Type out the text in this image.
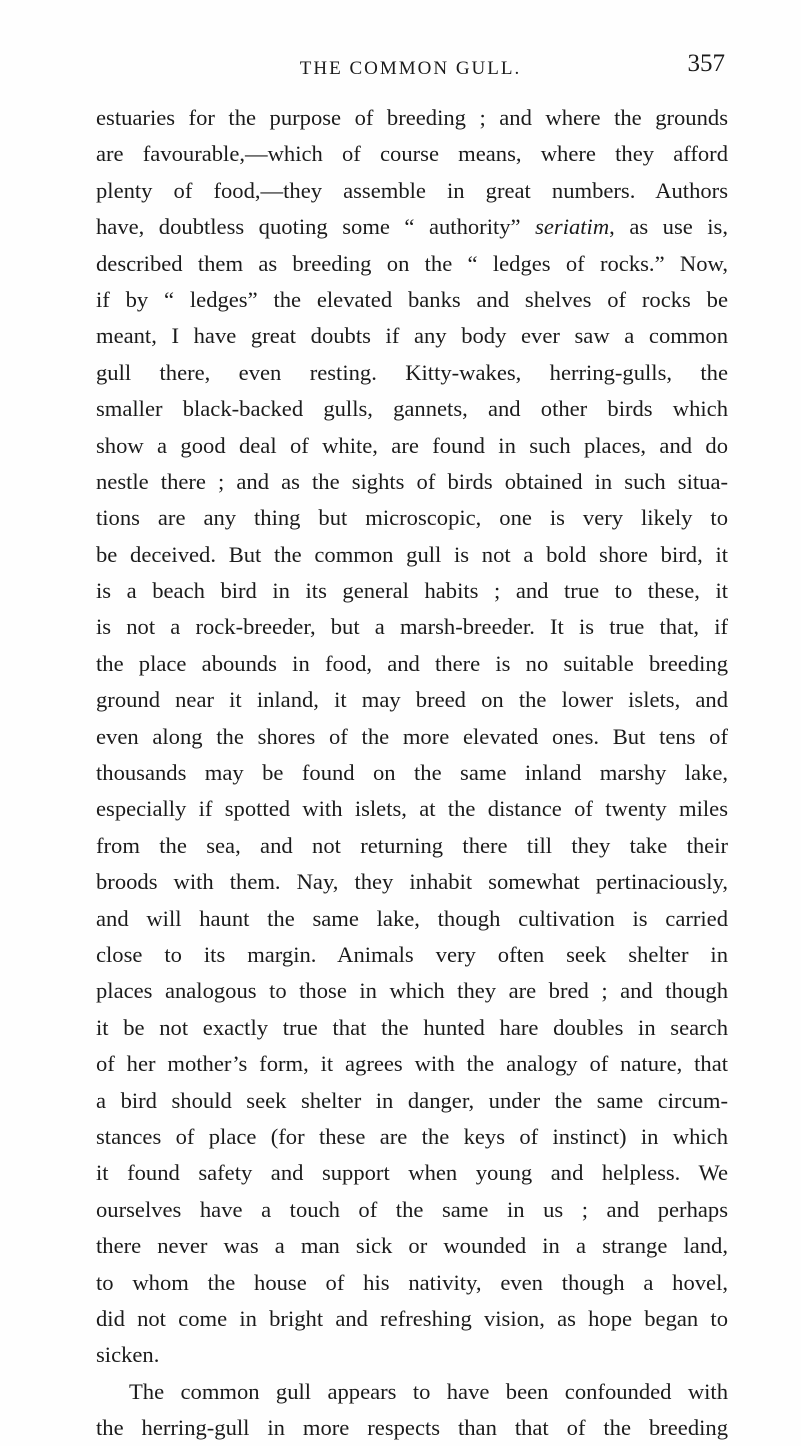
THE COMMON GULL.	357
estuaries for the purpose of breeding ; and where the grounds
are favourable,—which of course means, where they afford
plenty of food,—they assemble in great numbers. Authors
have, doubtless quoting some “ authority” seriatim, as use is,
described them as breeding on the “ ledges of rocks.” Now,
if by “ ledges” the elevated banks and shelves of rocks be
meant, I have great doubts if any body ever saw a common
gull there, even resting. Kitty-wakes, herring-gulls, the
smaller black-backed gulls, gannets, and other birds which
show a good deal of white, are found in such places, and do
nestle there ; and as the sights of birds obtained in such situa-
tions are any thing but microscopic, one is very likely to
be deceived. But the common gull is not a bold shore bird, it
is a beach bird in its general habits ; and true to these, it
is not a rock-breeder, but a marsh-breeder. It is true that, if
the place abounds in food, and there is no suitable breeding
ground near it inland, it may breed on the lower islets, and
even along the shores of the more elevated ones. But tens of
thousands may be found on the same inland marshy lake,
especially if spotted with islets, at the distance of twenty miles
from the sea, and not returning there till they take their
broods with them. Nay, they inhabit somewhat pertinaciously,
and will haunt the same lake, though cultivation is carried
close to its margin. Animals very often seek shelter in
places analogous to those in which they are bred ; and though
it be not exactly true that the hunted hare doubles in search
of her mother’s form, it agrees with the analogy of nature, that
a bird should seek shelter in danger, under the same circum-
stances of place (for these are the keys of instinct) in which
it found safety and support when young and helpless. We
ourselves have a touch of the same in us ; and perhaps
there never was a man sick or wounded in a strange land,
to whom the house of his nativity, even though a hovel,
did not come in bright and refreshing vision, as hope began to
sicken.
The common gull appears to have been confounded with
the herring-gull in more respects than that of the breeding
